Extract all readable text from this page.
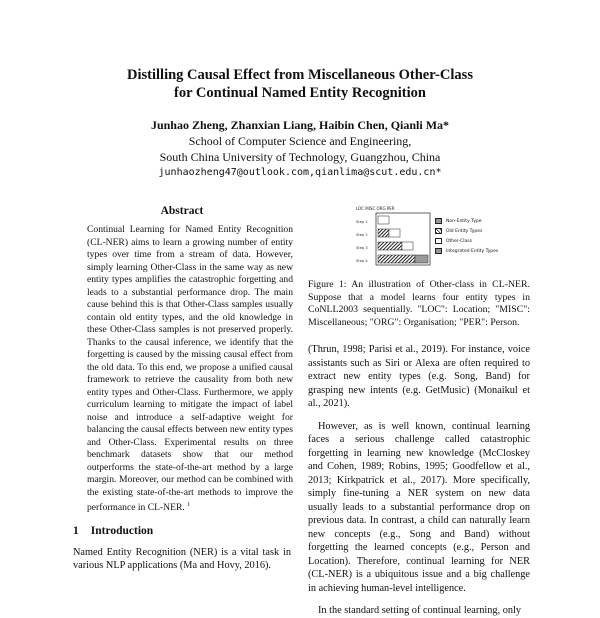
Distilling Causal Effect from Miscellaneous Other-Class
for Continual Named Entity Recognition
Junhao Zheng, Zhanxian Liang, Haibin Chen, Qianli Ma*
School of Computer Science and Engineering,
South China University of Technology, Guangzhou, China
junhaozheng47@outlook.com,qianlima@scut.edu.cn*
Abstract

Continual Learning for Named Entity Recognition (CL-NER) aims to learn a growing number of entity types over time from a stream of data. However, simply learning Other-Class in the same way as new entity types amplifies the catastrophic forgetting and leads to a substantial performance drop. The main cause behind this is that Other-Class samples usually contain old entity types, and the old knowledge in these Other-Class samples is not preserved properly. Thanks to the causal inference, we identify that the forgetting is caused by the missing causal effect from the old data. To this end, we propose a unified causal framework to retrieve the causality from both new entity types and Other-Class. Furthermore, we apply curriculum learning to mitigate the impact of label noise and introduce a self-adaptive weight for balancing the causal effects between new entity types and Other-Class. Experimental results on three benchmark datasets show that our method outperforms the state-of-the-art method by a large margin. Moreover, our method can be combined with the existing state-of-the-art methods to improve the performance in CL-NER. $^1$

1 Introduction

Named Entity Recognition (NER) is a vital task in various NLP applications (Ma and Hovy, 2016).

LOC MISC ORG PER
Step 1
Step 2
Step 3
Step 4
Non-Entity Type
Old Entity Types
Other-Class
Integrated Entity Types

Figure 1: An illustration of Other-class in CL-NER. Suppose that a model learns four entity types in CoNLL2003 sequentially. "LOC": Location; "MISC": Miscellaneous; "ORG": Organisation; "PER": Person.

(Thrun, 1998; Parisi et al., 2019). For instance, voice assistants such as Siri or Alexa are often required to extract new entity types (e.g. Song, Band) for grasping new intents (e.g. GetMusic) (Monaikul et al., 2021).

However, as is well known, continual learning faces a serious challenge called catastrophic forgetting in learning new knowledge (McCloskey and Cohen, 1989; Robins, 1995; Goodfellow et al., 2013; Kirkpatrick et al., 2017). More specifically, simply fine-tuning a NER system on new data usually leads to a substantial performance drop on previous data. In contrast, a child can naturally learn new concepts (e.g., Song and Band) without forgetting the learned concepts (e.g., Person and Location). Therefore, continual learning for NER (CL-NER) is a ubiquitous issue and a big challenge in achieving human-level intelligence.

In the standard setting of continual learning, only
